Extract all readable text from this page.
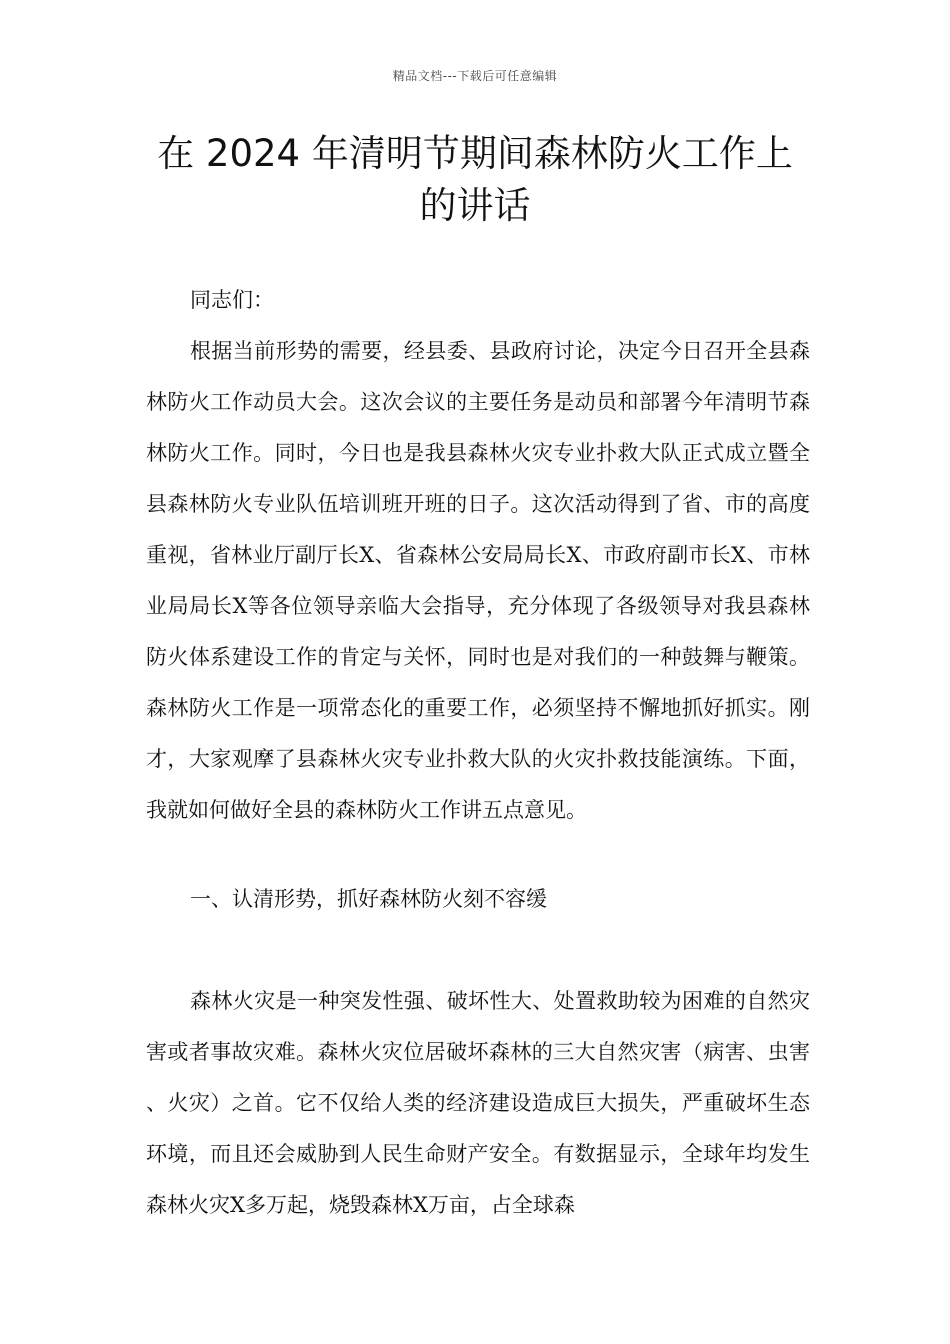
精品文档---下载后可任意编辑
在 2024 年清明节期间森林防火工作上的讲话

同志们：

根据当前形势的需要，经县委、县政府讨论，决定今日召开全县森林防火工作动员大会。这次会议的主要任务是动员和部署今年清明节森林防火工作。同时，今日也是我县森林火灾专业扑救大队正式成立暨全县森林防火专业队伍培训班开班的日子。这次活动得到了省、市的高度重视，省林业厅副厅长X、省森林公安局局长X、市政府副市长X、市林业局局长X等各位领导亲临大会指导，充分体现了各级领导对我县森林防火体系建设工作的肯定与关怀，同时也是对我们的一种鼓舞与鞭策。森林防火工作是一项常态化的重要工作，必须坚持不懈地抓好抓实。刚才，大家观摩了县森林火灾专业扑救大队的火灾扑救技能演练。下面，我就如何做好全县的森林防火工作讲五点意见。

一、认清形势，抓好森林防火刻不容缓

森林火灾是一种突发性强、破坏性大、处置救助较为困难的自然灾害或者事故灾难。森林火灾位居破坏森林的三大自然灾害（病害、虫害、火灾）之首。它不仅给人类的经济建设造成巨大损失，严重破坏生态环境，而且还会威胁到人民生命财产安全。有数据显示，全球年均发生森林火灾X多万起，烧毁森林X万亩，占全球森
